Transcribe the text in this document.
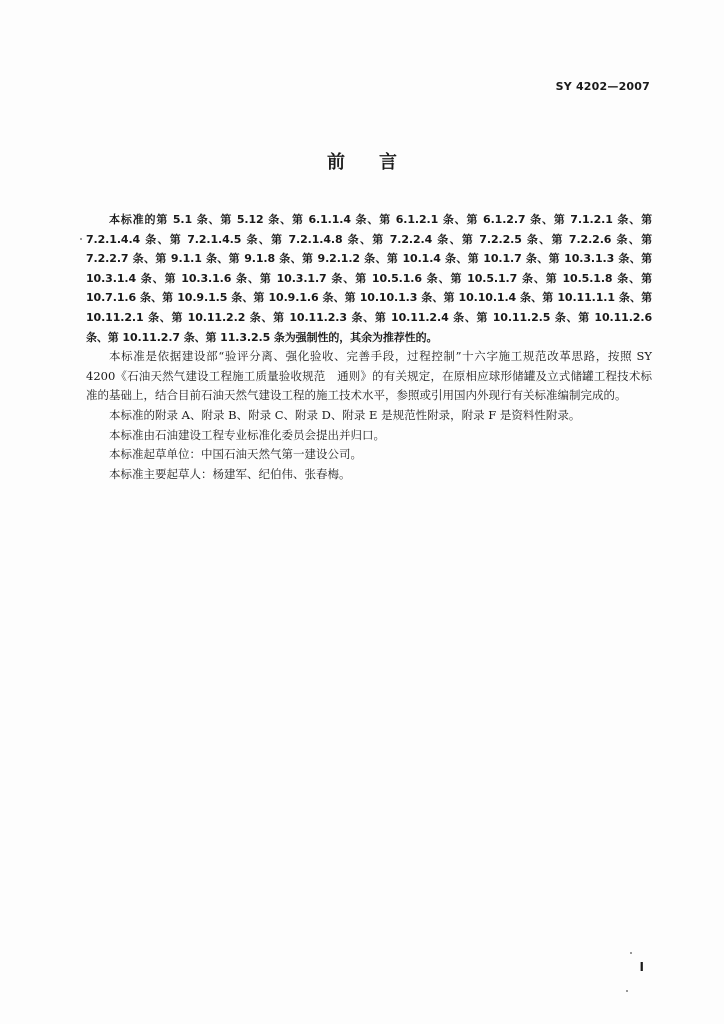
SY 4202—2007
前言

本标准的第 5.1 条、第 5.12 条、第 6.1.1.4 条、第 6.1.2.1 条、第 6.1.2.7 条、第 7.1.2.1 条、第 7.2.1.4.4 条、第 7.2.1.4.5 条、第 7.2.1.4.8 条、第 7.2.2.4 条、第 7.2.2.5 条、第 7.2.2.6 条、第 7.2.2.7 条、第 9.1.1 条、第 9.1.8 条、第 9.2.1.2 条、第 10.1.4 条、第 10.1.7 条、第 10.3.1.3 条、第 10.3.1.4 条、第 10.3.1.6 条、第 10.3.1.7 条、第 10.5.1.6 条、第 10.5.1.7 条、第 10.5.1.8 条、第 10.7.1.6 条、第 10.9.1.5 条、第 10.9.1.6 条、第 10.10.1.3 条、第 10.10.1.4 条、第 10.11.1.1 条、第 10.11.2.1 条、第 10.11.2.2 条、第 10.11.2.3 条、第 10.11.2.4 条、第 10.11.2.5 条、第 10.11.2.6 条、第 10.11.2.7 条、第 11.3.2.5 条为强制性的，其余为推荐性的。

本标准是依据建设部“验评分离、强化验收、完善手段，过程控制”十六字施工规范改革思路，按照 SY 4200《石油天然气建设工程施工质量验收规范　通则》的有关规定，在原相应球形储罐及立式储罐工程技术标准的基础上，结合目前石油天然气建设工程的施工技术水平，参照或引用国内外现行有关标准编制完成的。

本标准的附录 A、附录 B、附录 C、附录 D、附录 E 是规范性附录，附录 F 是资料性附录。

本标准由石油建设工程专业标准化委员会提出并归口。

本标准起草单位：中国石油天然气第一建设公司。

本标准主要起草人：杨建军、纪伯伟、张春梅。

I
